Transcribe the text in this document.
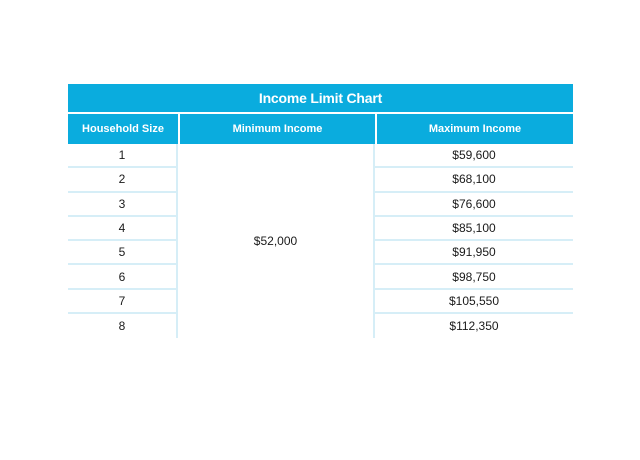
Income Limit Chart
Household Size	Minimum Income	Maximum Income
1
2
3
4
5
6
7
8
$52,000
$59,600
$68,100
$76,600
$85,100
$91,950
$98,750
$105,550
$112,350
